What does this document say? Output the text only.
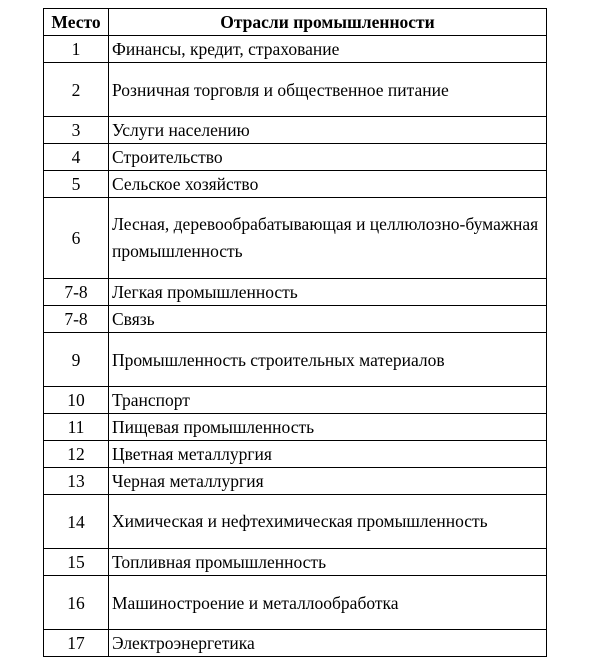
Место	Отрасли промышленности
1	Финансы, кредит, страхование
2	Розничная торговля и общественное питание
3	Услуги населению
4	Строительство
5	Сельское хозяйство
6	Лесная, деревообрабатывающая и целлюлозно-бумажная промышленность
7-8	Легкая промышленность
7-8	Связь
9	Промышленность строительных материалов
10	Транспорт
11	Пищевая промышленность
12	Цветная металлургия
13	Черная металлургия
14	Химическая и нефтехимическая промышленность
15	Топливная промышленность
16	Машиностроение и металлообработка
17	Электроэнергетика
